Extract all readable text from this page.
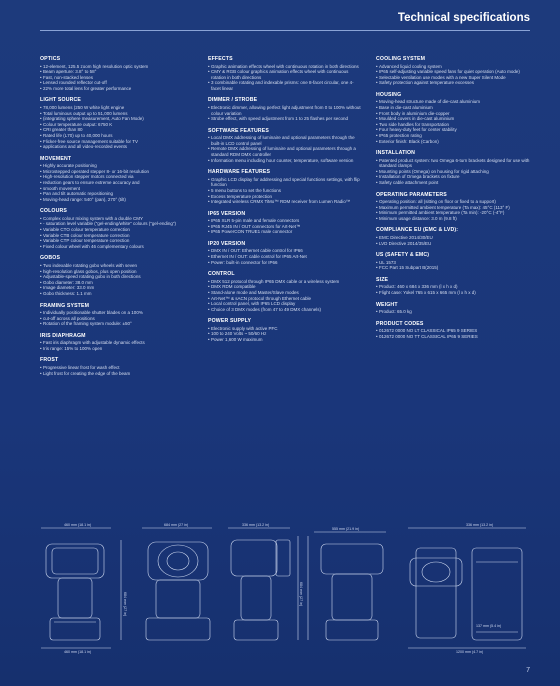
Technical specifications
OPTICS
• 12-element, 125.5 zoom high resolution optic system
• Beam aperture: 3.8° to 58°
• Fast, non-stacked lenses
• Lensed rounded reflector cut-off
• 22% more total lens for greater performance
LIGHT SOURCE
• 78,000 lumens (250 W white light engine
• Total luminous output up to 51,000 lumens
• (integrating sphere measurement, Auto Fan Mode)
• Colour temperature output: 6750 K
• CRI greater than 80
• Rated life (L70) up to 40,000 hours
• Flicker-free source management suitable for TV
• applications and all video-recorded events
MOVEMENT
• Highly accurate positioning
• Microstepped operated stepper 8- or 16-bit resolution
• High-resolution stepper motors connected via
• reduction gears to ensure extreme accuracy and
• smooth movement
• Pan and tilt automatic repositioning
• Moving-head range: 540° (pan), 270° (tilt)
COLOURS
• Complex colour mixing system with a double CMY
• - saturation level variable ("gel-ending/white" colours ("gel-ending")
• Variable CTO colour temperature correction
• Variable CTB colour temperature correction
• Variable CTP colour temperature correction
• Fixed colour wheel with 46 complementary colours
GOBOS
• Two indexable rotating gobo wheels with seven
• high-resolution glass gobos, plus open position
• Adjustable-speed rotating gobo in both directions
• Gobo diameter: 38.0 mm
• Image diameter: 33.0 mm
• Gobo thickness: 1.1 mm
FRAMING SYSTEM
• Individually positionable shutter blades on a 100%
• cut-off across all positions
• Rotation of the framing system module: ±50°
IRIS DIAPHRAGM
• Fast iris diaphragm with adjustable dynamic effects
• Iris range: 15% to 100% open
FROST
• Progressive linear frost for wash effect
• Light frost for creating the edge of the beam
EFFECTS
• Graphic animation effects wheel with continuous rotation in both directions
• CMY & RGB colour graphics animation effects wheel with continuous rotation in both directions
• 3 combinable rotating and indexable prisms: one 8-facet circular, one 4-facet linear
DIMMER / STROBE
• Electronic dimmer, allowing perfect light adjustment from 0 to 100% without colour variation
• Strobe effect, with speed adjustment from 1 to 25 flashes per second
SOFTWARE FEATURES
• Local DMX addressing of luminaire and optional parameters through the built-in LCD control panel
• Remote DMX addressing of luminaire and optional parameters through a standard RDM DMX controller
• Information menu including hour counter, temperature, software version
HARDWARE FEATURES
• Graphic LCD display for addressing and special functions settings, with flip function
• 5 menu buttons to set the functions
• Excess temperature protection
• Integrated wireless CRMX TiMo™ RDM receiver from Lumen Radio™
IP65 VERSION
• IP65 XLR 5-pin male and female connectors
• IP65 RJ45 IN / OUT connectors for Art-Net™
• IP65 PowerCON TRUE1 male connector
IP20 VERSION
• DMX IN / OUT: Ethernet cable control for IP66
• Ethernet IN / OUT: cable control for IP65 Art-Net
• Power: built-in connector for IP66
CONTROL
• DMX 512 protocol through IP65 DMX cable or a wireless system
• DMX RDM compatible
• Stand-alone mode and Master/Slave modes
• Art-Net™ & sACN protocol through Ethernet cable
• Local control panel, with IP65 LCD display
• Choice of 3 DMX modes (from 47 to 49 DMX channels)
POWER SUPPLY
• Electronic supply with active PFC
• 100 to 240 Volts ~ 50/60 Hz
• Power 1,600 W maximum
COOLING SYSTEM
• Advanced liquid cooling system
• IP65 self-adjusting variable speed fans for quiet operation (Auto mode)
• Selectable ventilation use modes with a new Super Silent Mode
• Safety protection against temperature excesses
HOUSING
• Moving-head structure made of die-cast aluminium
• Base in die-cast aluminium
• Front body in aluminium die-copper
• Moulded covers in die-cast aluminium
• Two side handles for transportation
• Four heavy-duty feet for center stability
• IP65 protection rating
• Exterior finish: Black (Carbon)
INSTALLATION
• Patented product system: two Omega 6-turn brackets designed for use with standard clamps
• Mounting points (Omega) on housing for rigid attaching
• Installation of Omega brackets on fixture
• Safety cable attachment point
OPERATING PARAMETERS
• Operating position: all (sitting on floor or fixed to a support)
• Maximum permitted ambient temperature (Ta max): 45°C (113° F)
• Minimum permitted ambient temperature (Ta min): -20°C (-4°F)
• Minimum usage distance: 3.0 m (9.8 ft)
COMPLIANCE EU (EMC & LVD):
• EMC Directive 2014/30/EU
• LVD Directive 2014/35/EU
US (SAFETY & EMC)
• UL 1573
• FCC Part 15 Subpart B(2015)
SIZE
• Product: 460 x 684 x 336 mm (l x h x d)
• Flight case: Yokel 765 x 615 x 665 mm (l x h x d)
WEIGHT
• Product: 65.0 kg
PRODUCT CODES
• 012672 0000 NO LT CLASSICAL IP65 9 SERIES
• 012672 0000 NO TT CLASSICAL IP65 9 SERIES
460 mm (18.1 in)
460 mm (18.1 in)
684 mm (27 in)
684 mm (27 in)	684 mm (27 in)
336 mm (13.2 in)
555 mm (21.9 in)
137 mm (5.4 in)
336 mm (13.2 in)
1200 mm (4.7 in)
7
